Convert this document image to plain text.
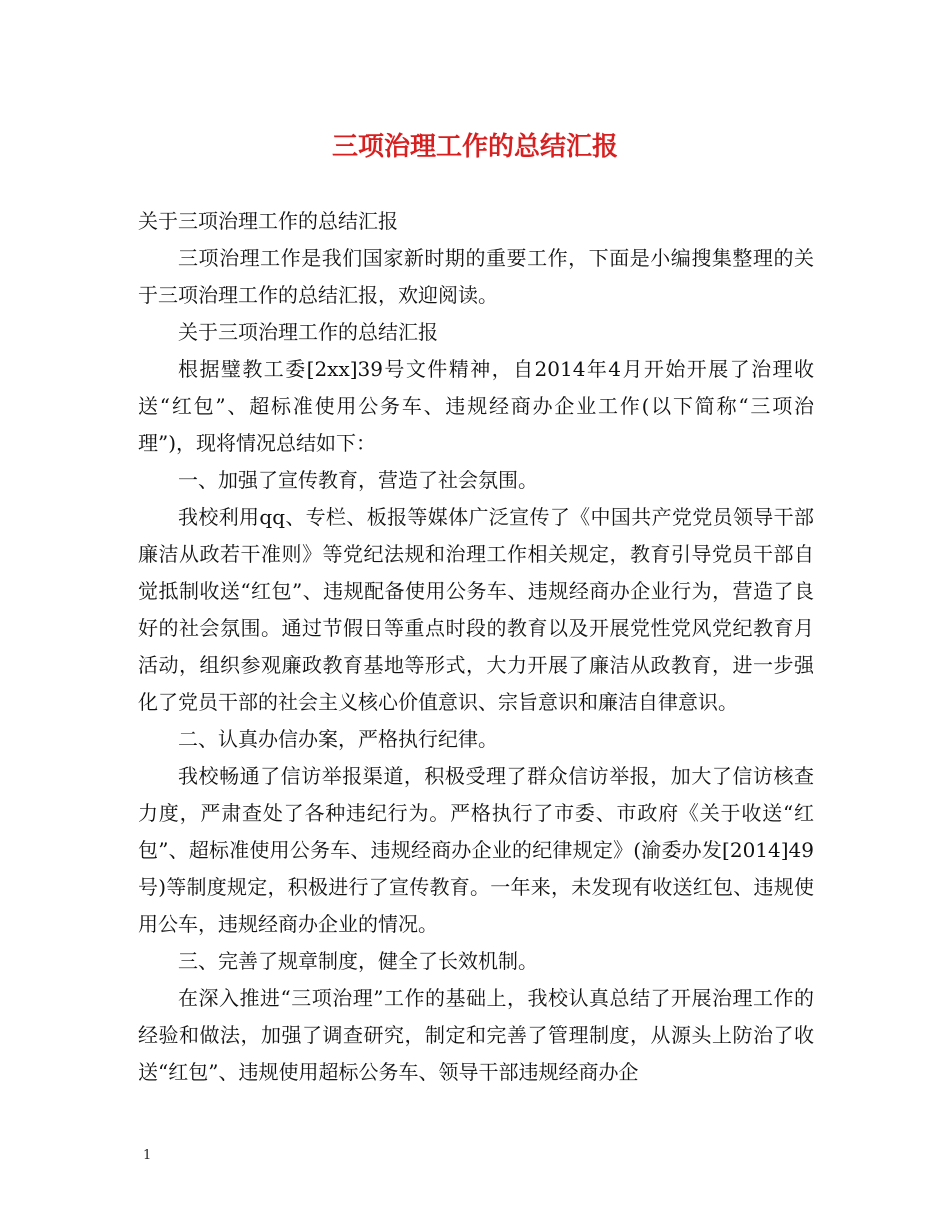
三项治理工作的总结汇报

关于三项治理工作的总结汇报

三项治理工作是我们国家新时期的重要工作，下面是小编搜集整理的关于三项治理工作的总结汇报，欢迎阅读。

关于三项治理工作的总结汇报

根据璧教工委[2xx]39号文件精神，自2014年4月开始开展了治理收送“红包”、超标准使用公务车、违规经商办企业工作(以下简称“三项治理”)，现将情况总结如下：

一、加强了宣传教育，营造了社会氛围。

我校利用qq、专栏、板报等媒体广泛宣传了《中国共产党党员领导干部廉洁从政若干准则》等党纪法规和治理工作相关规定，教育引导党员干部自觉抵制收送“红包”、违规配备使用公务车、违规经商办企业行为，营造了良好的社会氛围。通过节假日等重点时段的教育以及开展党性党风党纪教育月活动，组织参观廉政教育基地等形式，大力开展了廉洁从政教育，进一步强化了党员干部的社会主义核心价值意识、宗旨意识和廉洁自律意识。

二、认真办信办案，严格执行纪律。

我校畅通了信访举报渠道，积极受理了群众信访举报，加大了信访核查力度，严肃查处了各种违纪行为。严格执行了市委、市政府《关于收送“红包”、超标准使用公务车、违规经商办企业的纪律规定》(渝委办发[2014]49号)等制度规定，积极进行了宣传教育。一年来，未发现有收送红包、违规使用公车，违规经商办企业的情况。

三、完善了规章制度，健全了长效机制。

在深入推进“三项治理”工作的基础上，我校认真总结了开展治理工作的经验和做法，加强了调查研究，制定和完善了管理制度，从源头上防治了收送“红包”、违规使用超标公务车、领导干部违规经商办企

1
